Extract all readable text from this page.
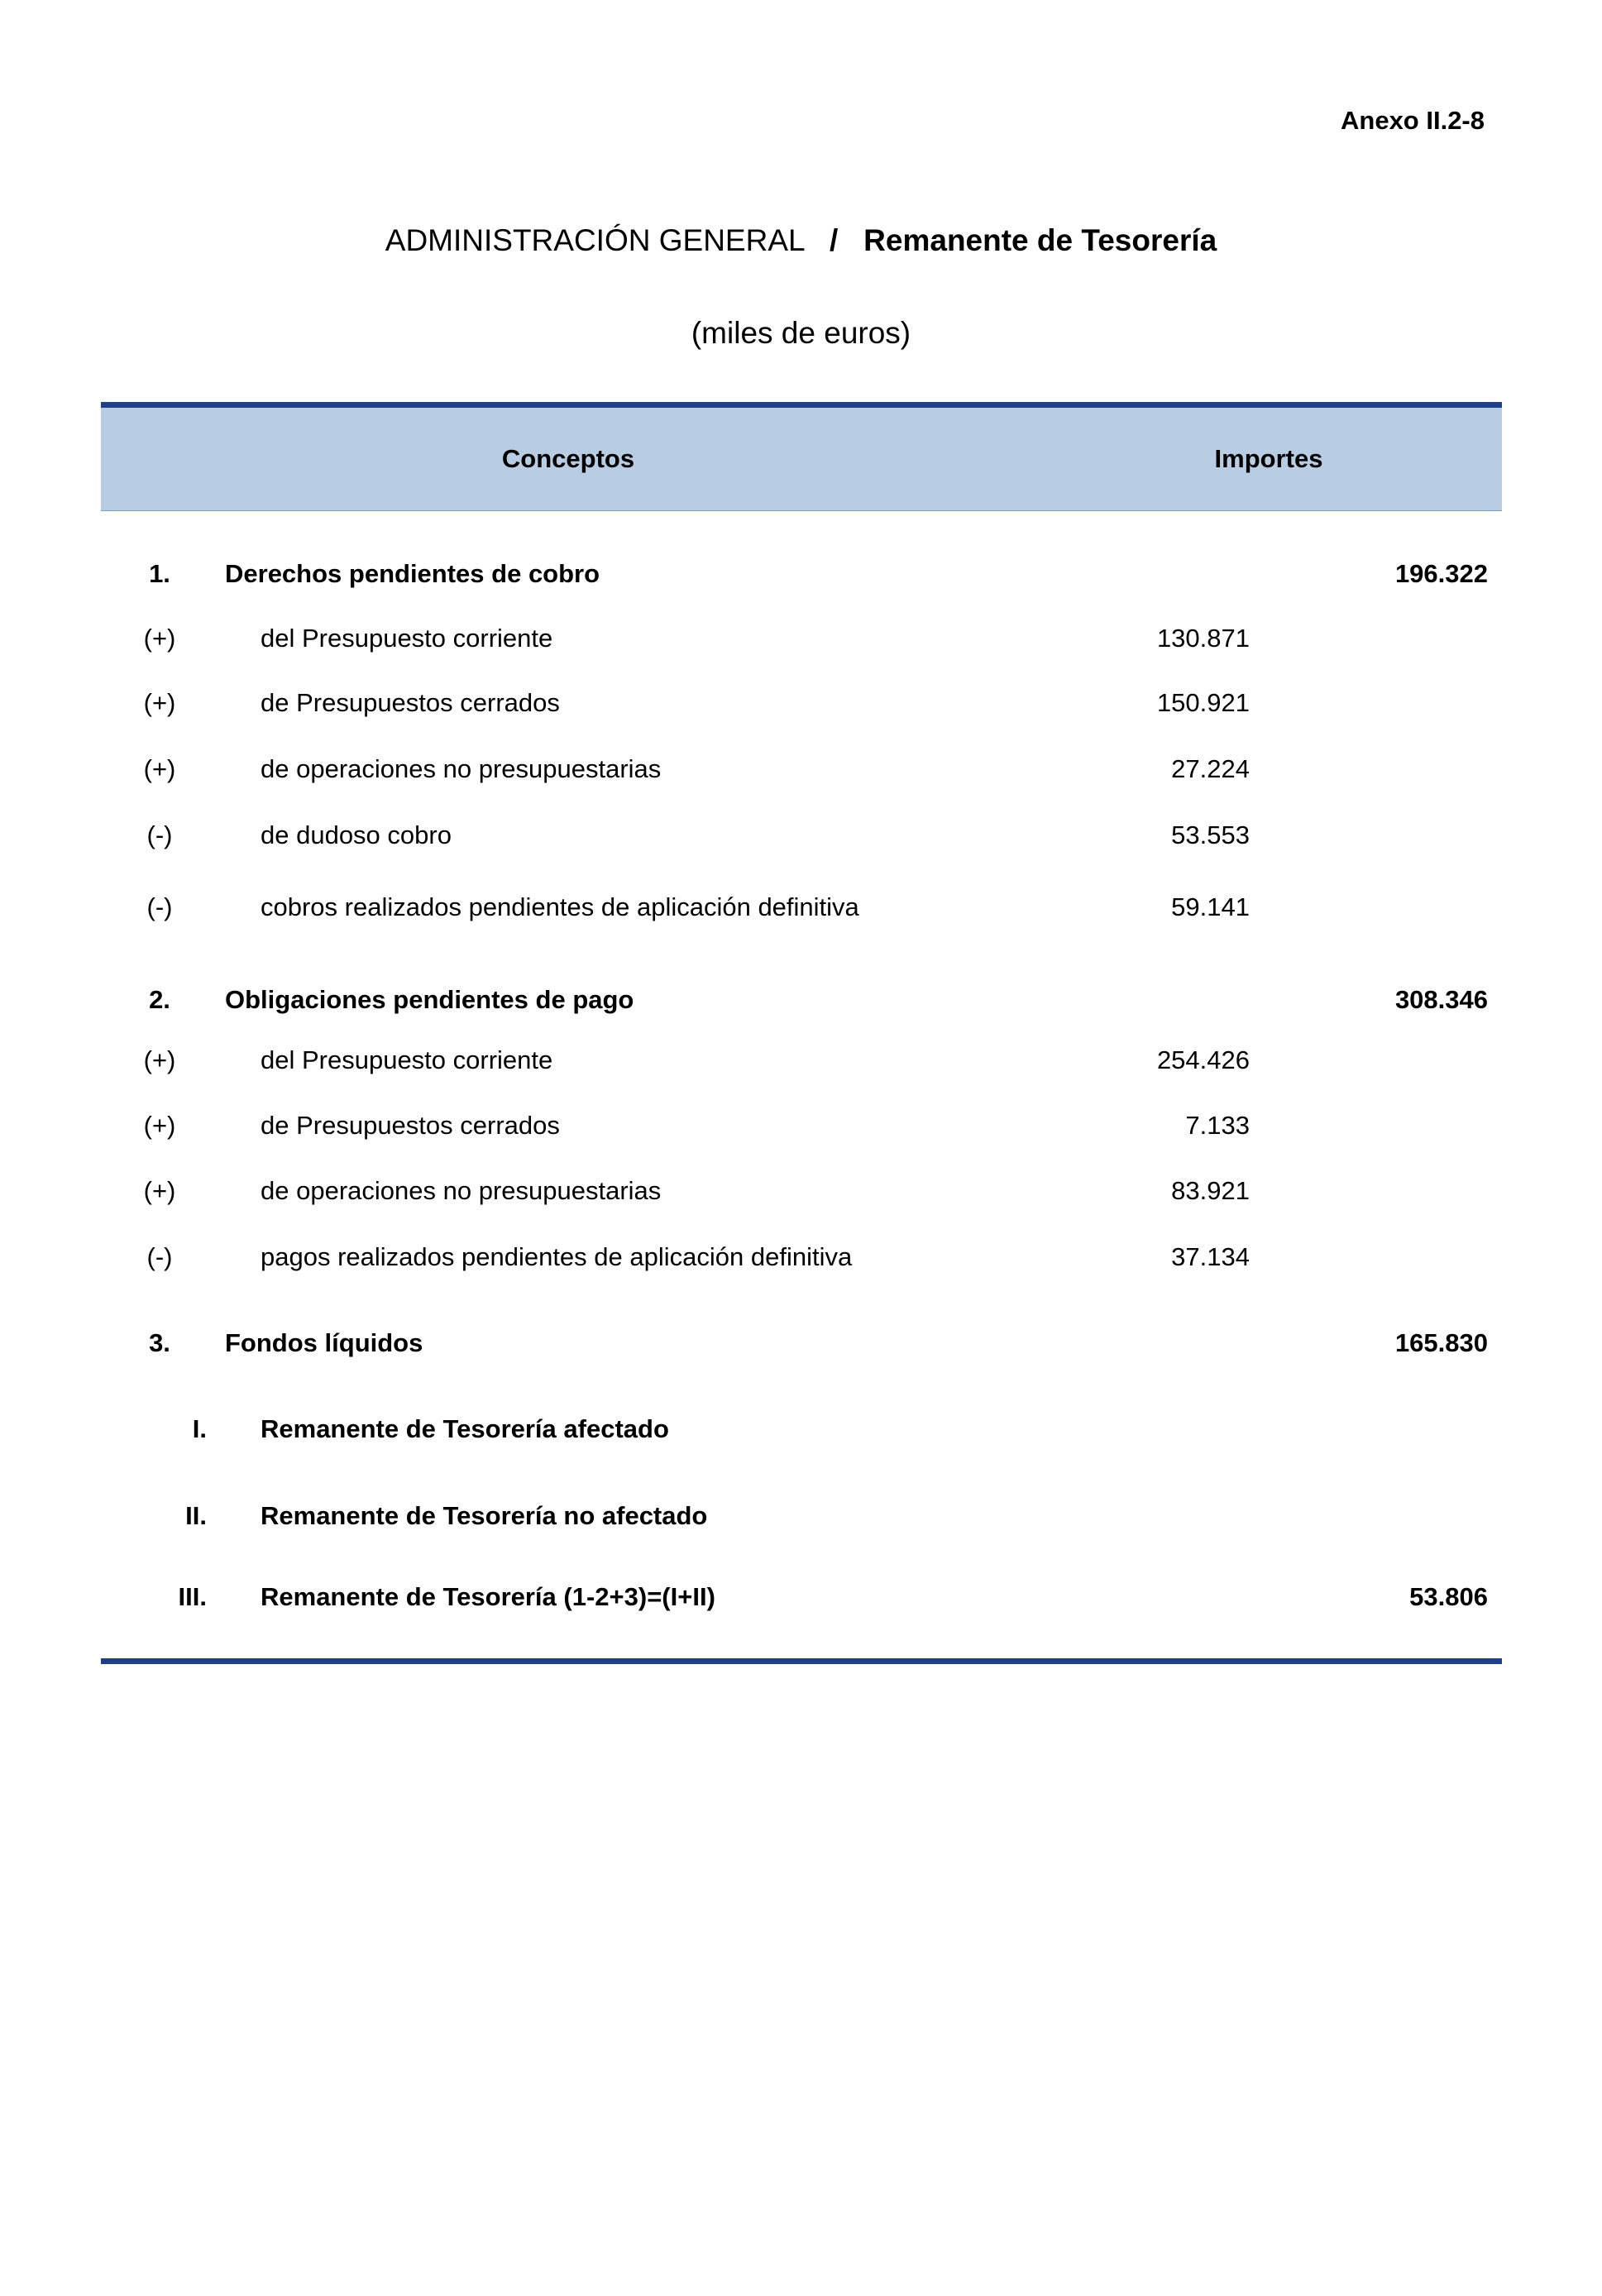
Anexo II.2-8
ADMINISTRACIÓN GENERAL / Remanente de Tesorería
(miles de euros)
Conceptos	Importes
1.	Derechos pendientes de cobro	196.322
(+)	del Presupuesto corriente	130.871
(+)	de Presupuestos cerrados	150.921
(+)	de operaciones no presupuestarias	27.224
(-)	de dudoso cobro	53.553
(-)	cobros realizados pendientes de aplicación definitiva	59.141
2.	Obligaciones pendientes de pago	308.346
(+)	del Presupuesto corriente	254.426
(+)	de Presupuestos cerrados	7.133
(+)	de operaciones no presupuestarias	83.921
(-)	pagos realizados pendientes de aplicación definitiva	37.134
3.	Fondos líquidos	165.830
I. Remanente de Tesorería afectado
II. Remanente de Tesorería no afectado
III. Remanente de Tesorería (1-2+3)=(I+II)	53.806
